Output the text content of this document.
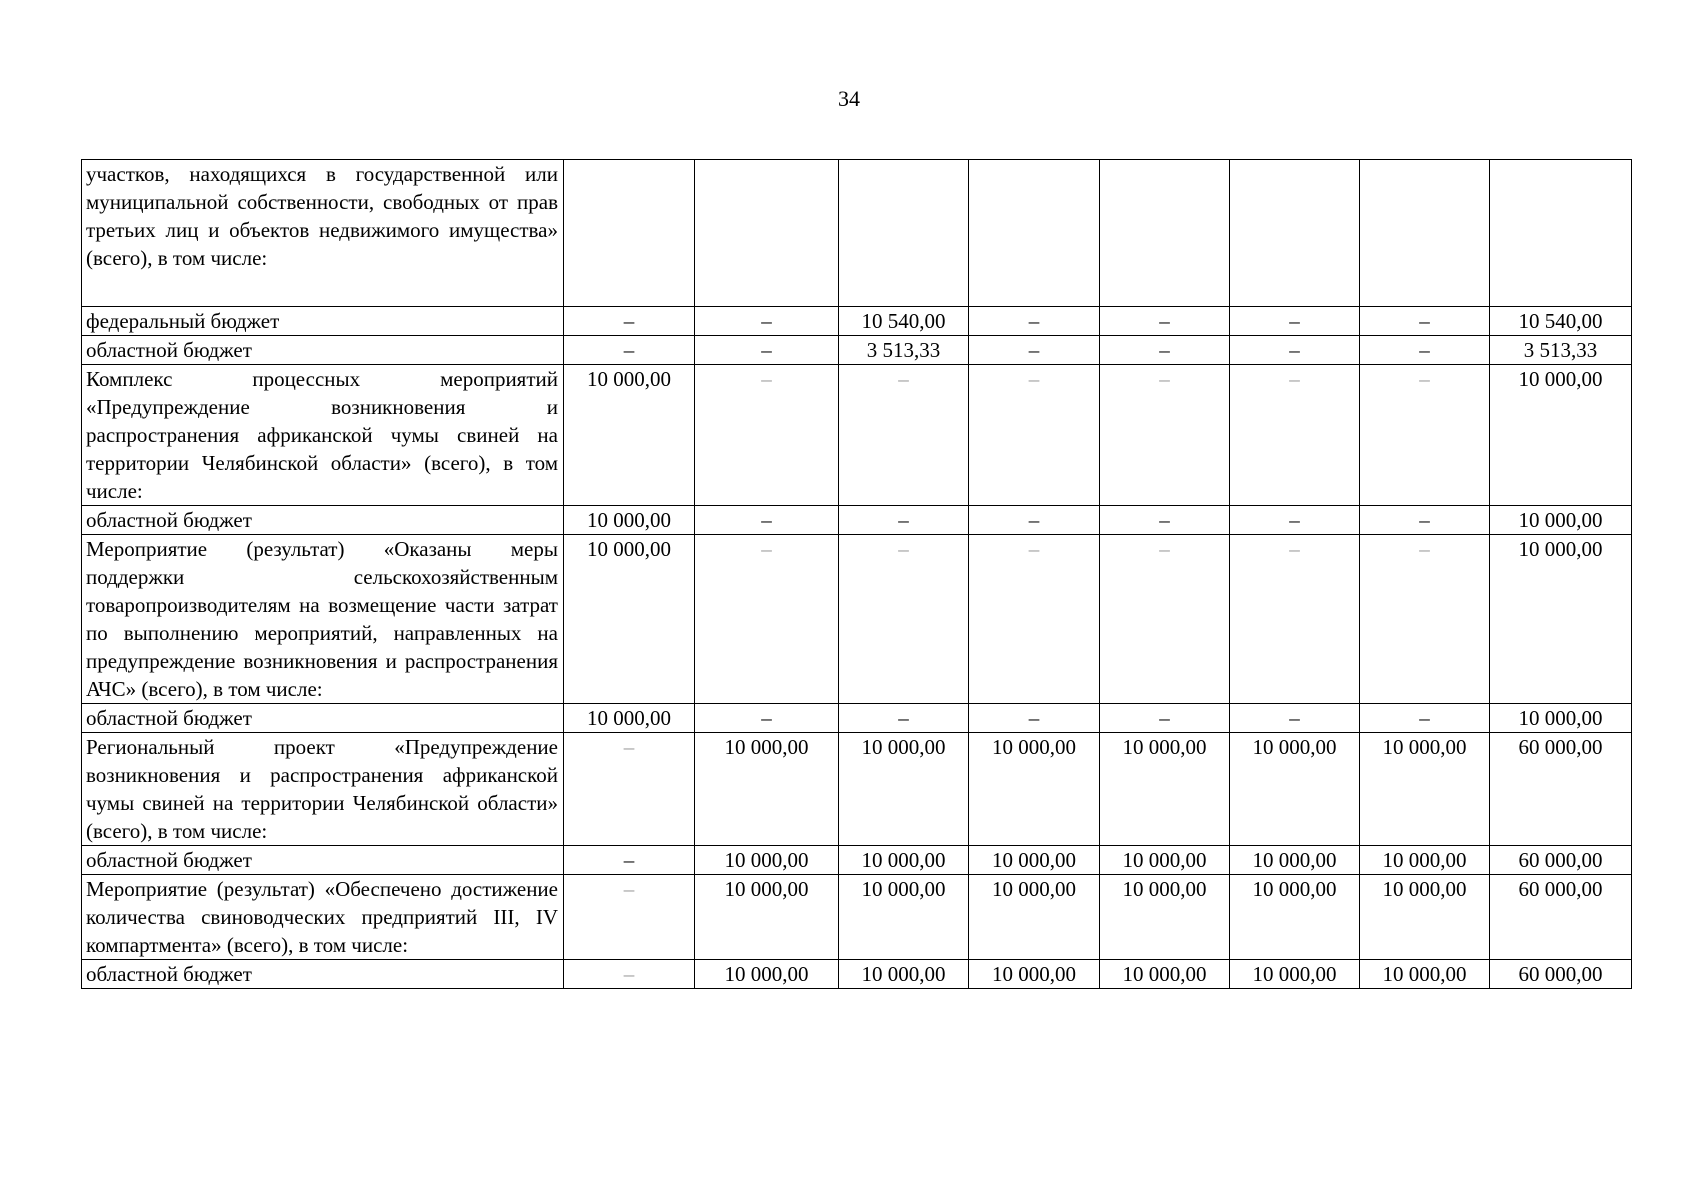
34
участков, находящихся в государственной или муниципальной собственности, свободных от прав третьих лиц и объектов недвижимого имущества» (всего), в том числе:								
федеральный бюджет	–	–	10 540,00	–	–	–	–	10 540,00
областной бюджет	–	–	3 513,33	–	–	–	–	3 513,33
Комплекс процессных мероприятий «Предупреждение возникновения и распространения африканской чумы свиней на территории Челябинской области» (всего), в том числе:	10 000,00	–	–	–	–	–	–	10 000,00
областной бюджет	10 000,00	–	–	–	–	–	–	10 000,00
Мероприятие (результат) «Оказаны меры поддержки сельскохозяйственным товаропроизводителям на возмещение части затрат по выполнению мероприятий, направленных на предупреждение возникновения и распространения АЧС» (всего), в том числе:	10 000,00	–	–	–	–	–	–	10 000,00
областной бюджет	10 000,00	–	–	–	–	–	–	10 000,00
Региональный проект «Предупреждение возникновения и распространения африканской чумы свиней на территории Челябинской области» (всего), в том числе:	–	10 000,00	10 000,00	10 000,00	10 000,00	10 000,00	10 000,00	60 000,00
областной бюджет	–	10 000,00	10 000,00	10 000,00	10 000,00	10 000,00	10 000,00	60 000,00
Мероприятие (результат) «Обеспечено достижение количества свиноводческих предприятий III, IV компартмента» (всего), в том числе:	–	10 000,00	10 000,00	10 000,00	10 000,00	10 000,00	10 000,00	60 000,00
областной бюджет	–	10 000,00	10 000,00	10 000,00	10 000,00	10 000,00	10 000,00	60 000,00
